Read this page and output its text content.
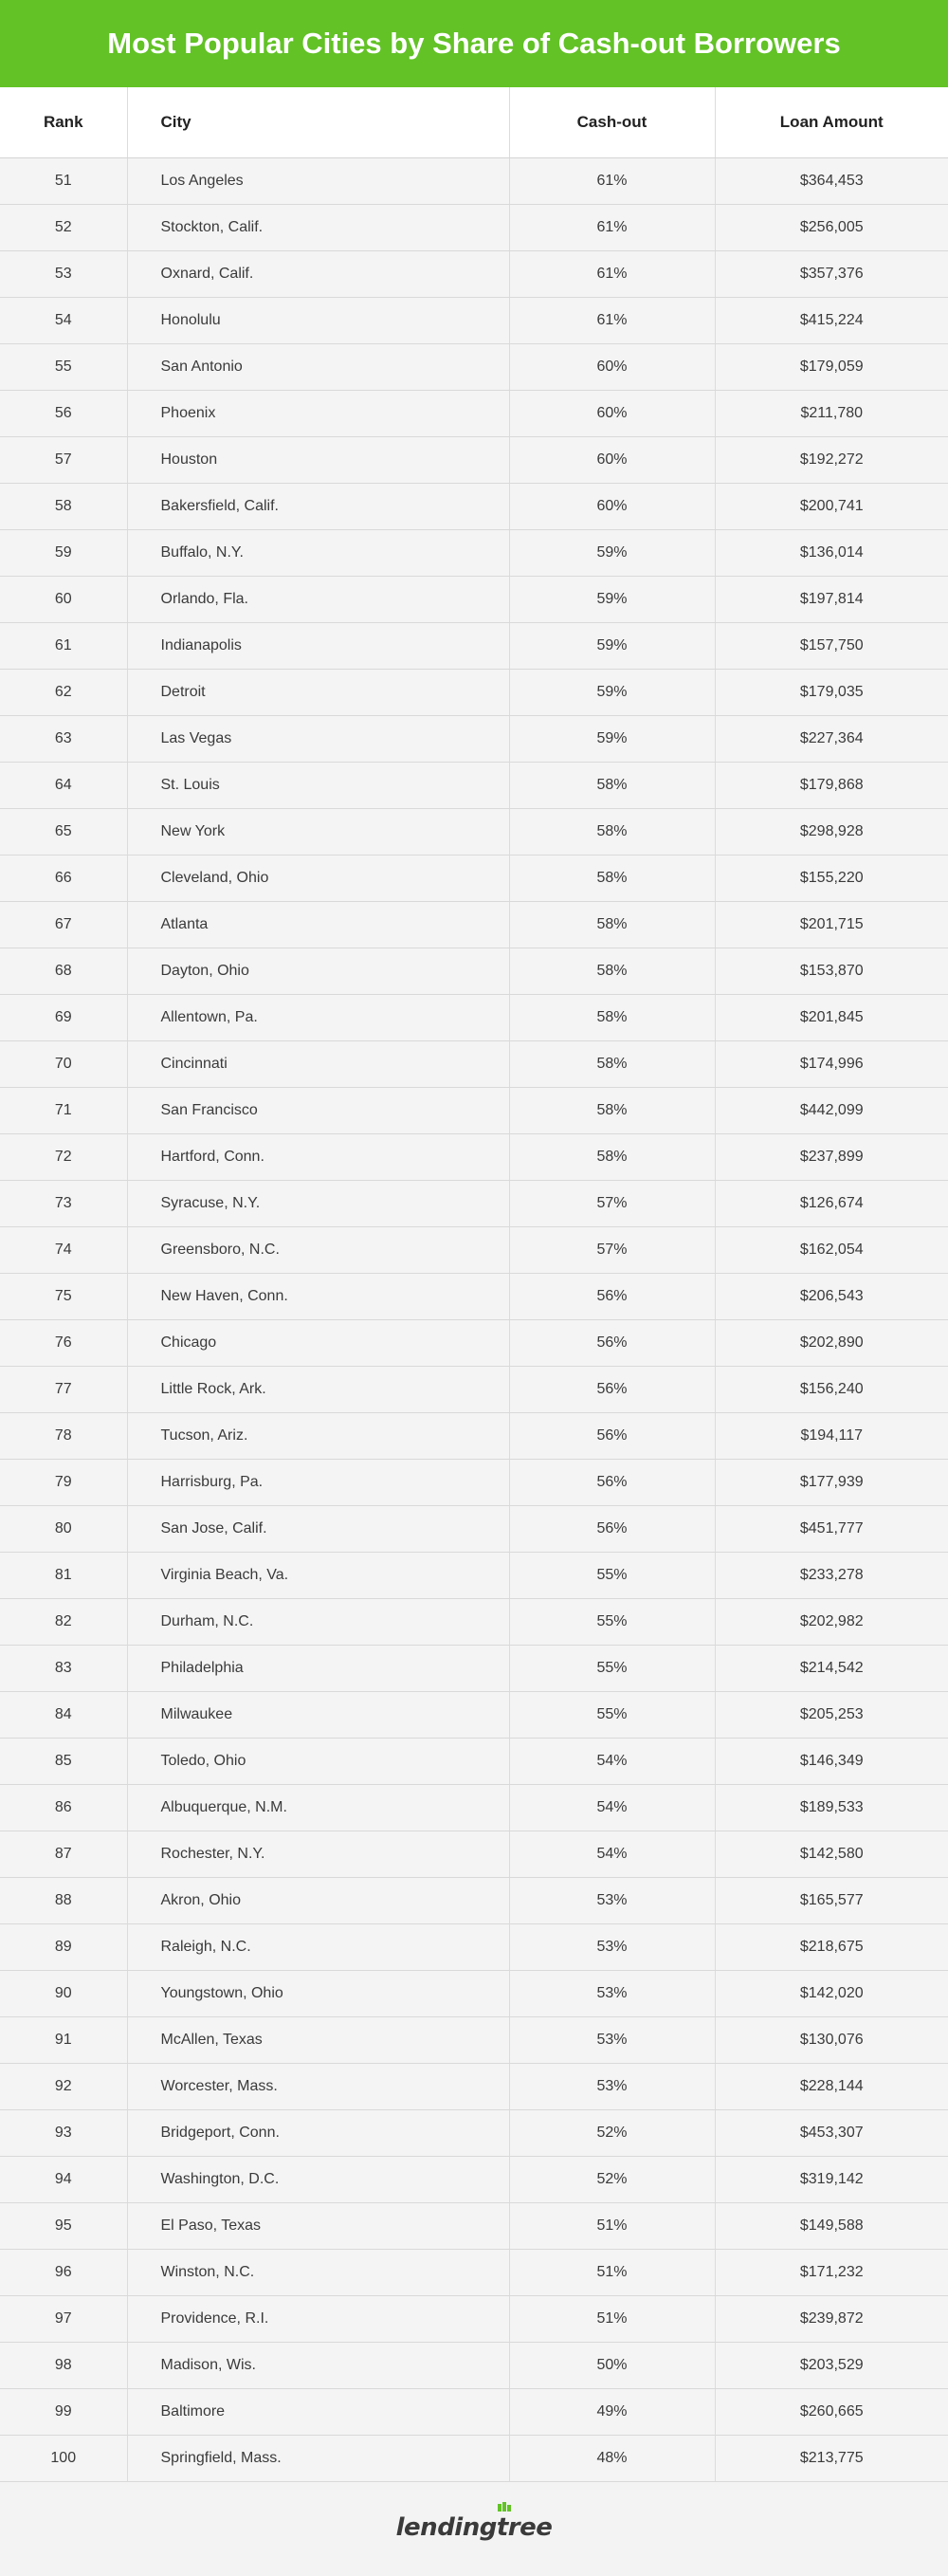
Most Popular Cities by Share of Cash-out Borrowers
Rank	City	Cash-out	Loan Amount
51	Los Angeles	61%	$364,453
52	Stockton, Calif.	61%	$256,005
53	Oxnard, Calif.	61%	$357,376
54	Honolulu	61%	$415,224
55	San Antonio	60%	$179,059
56	Phoenix	60%	$211,780
57	Houston	60%	$192,272
58	Bakersfield, Calif.	60%	$200,741
59	Buffalo, N.Y.	59%	$136,014
60	Orlando, Fla.	59%	$197,814
61	Indianapolis	59%	$157,750
62	Detroit	59%	$179,035
63	Las Vegas	59%	$227,364
64	St. Louis	58%	$179,868
65	New York	58%	$298,928
66	Cleveland, Ohio	58%	$155,220
67	Atlanta	58%	$201,715
68	Dayton, Ohio	58%	$153,870
69	Allentown, Pa.	58%	$201,845
70	Cincinnati	58%	$174,996
71	San Francisco	58%	$442,099
72	Hartford, Conn.	58%	$237,899
73	Syracuse, N.Y.	57%	$126,674
74	Greensboro, N.C.	57%	$162,054
75	New Haven, Conn.	56%	$206,543
76	Chicago	56%	$202,890
77	Little Rock, Ark.	56%	$156,240
78	Tucson, Ariz.	56%	$194,117
79	Harrisburg, Pa.	56%	$177,939
80	San Jose, Calif.	56%	$451,777
81	Virginia Beach, Va.	55%	$233,278
82	Durham, N.C.	55%	$202,982
83	Philadelphia	55%	$214,542
84	Milwaukee	55%	$205,253
85	Toledo, Ohio	54%	$146,349
86	Albuquerque, N.M.	54%	$189,533
87	Rochester, N.Y.	54%	$142,580
88	Akron, Ohio	53%	$165,577
89	Raleigh, N.C.	53%	$218,675
90	Youngstown, Ohio	53%	$142,020
91	McAllen, Texas	53%	$130,076
92	Worcester, Mass.	53%	$228,144
93	Bridgeport, Conn.	52%	$453,307
94	Washington, D.C.	52%	$319,142
95	El Paso, Texas	51%	$149,588
96	Winston, N.C.	51%	$171,232
97	Providence, R.I.	51%	$239,872
98	Madison, Wis.	50%	$203,529
99	Baltimore	49%	$260,665
100	Springfield, Mass.	48%	$213,775
lendingtree
